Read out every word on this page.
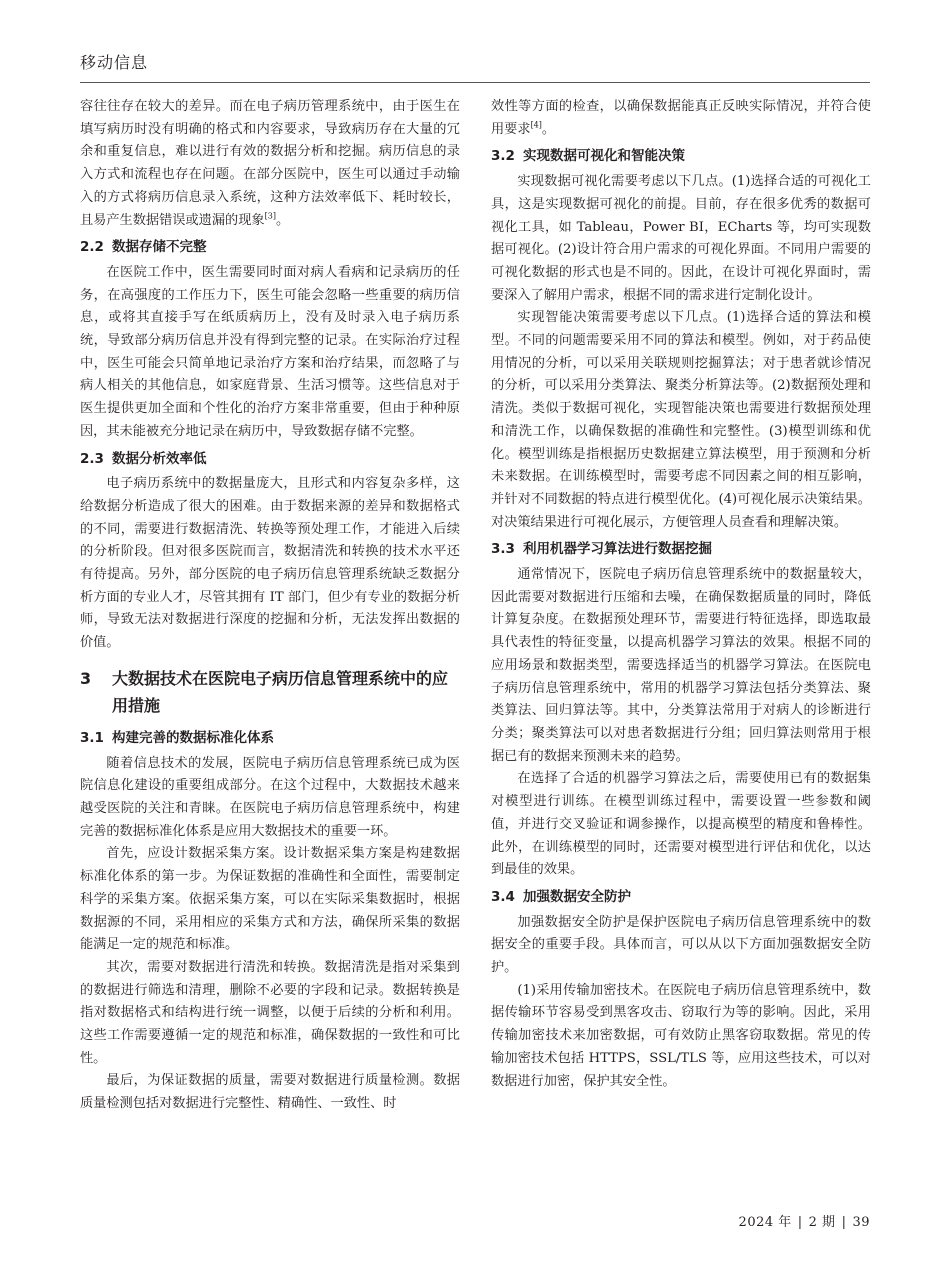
移动信息

容往往存在较大的差异。而在电子病历管理系统中，由于医生在填写病历时没有明确的格式和内容要求，导致病历存在大量的冗余和重复信息，难以进行有效的数据分析和挖掘。病历信息的录入方式和流程也存在问题。在部分医院中，医生可以通过手动输入的方式将病历信息录入系统，这种方法效率低下、耗时较长，且易产生数据错误或遗漏的现象[3]。

2.2 数据存储不完整

在医院工作中，医生需要同时面对病人看病和记录病历的任务，在高强度的工作压力下，医生可能会忽略一些重要的病历信息，或将其直接手写在纸质病历上，没有及时录入电子病历系统，导致部分病历信息并没有得到完整的记录。在实际治疗过程中，医生可能会只简单地记录治疗方案和治疗结果，而忽略了与病人相关的其他信息，如家庭背景、生活习惯等。这些信息对于医生提供更加全面和个性化的治疗方案非常重要，但由于种种原因，其未能被充分地记录在病历中，导致数据存储不完整。

2.3 数据分析效率低

电子病历系统中的数据量庞大，且形式和内容复杂多样，这给数据分析造成了很大的困难。由于数据来源的差异和数据格式的不同，需要进行数据清洗、转换等预处理工作，才能进入后续的分析阶段。但对很多医院而言，数据清洗和转换的技术水平还有待提高。另外，部分医院的电子病历信息管理系统缺乏数据分析方面的专业人才，尽管其拥有 IT 部门，但少有专业的数据分析师，导致无法对数据进行深度的挖掘和分析，无法发挥出数据的价值。

3	大数据技术在医院电子病历信息管理系统中的应用措施
3.1 构建完善的数据标准化体系

随着信息技术的发展，医院电子病历信息管理系统已成为医院信息化建设的重要组成部分。在这个过程中，大数据技术越来越受医院的关注和青睐。在医院电子病历信息管理系统中，构建完善的数据标准化体系是应用大数据技术的重要一环。

首先，应设计数据采集方案。设计数据采集方案是构建数据标准化体系的第一步。为保证数据的准确性和全面性，需要制定科学的采集方案。依据采集方案，可以在实际采集数据时，根据数据源的不同，采用相应的采集方式和方法，确保所采集的数据能满足一定的规范和标准。

其次，需要对数据进行清洗和转换。数据清洗是指对采集到的数据进行筛选和清理，删除不必要的字段和记录。数据转换是指对数据格式和结构进行统一调整，以便于后续的分析和利用。这些工作需要遵循一定的规范和标准，确保数据的一致性和可比性。

最后，为保证数据的质量，需要对数据进行质量检测。数据质量检测包括对数据进行完整性、精确性、一致性、时

效性等方面的检查，以确保数据能真正反映实际情况，并符合使用要求[4]。

3.2 实现数据可视化和智能决策

实现数据可视化需要考虑以下几点。(1)选择合适的可视化工具，这是实现数据可视化的前提。目前，存在很多优秀的数据可视化工具，如 Tableau，Power BI，ECharts 等，均可实现数据可视化。(2)设计符合用户需求的可视化界面。不同用户需要的可视化数据的形式也是不同的。因此，在设计可视化界面时，需要深入了解用户需求，根据不同的需求进行定制化设计。

实现智能决策需要考虑以下几点。(1)选择合适的算法和模型。不同的问题需要采用不同的算法和模型。例如，对于药品使用情况的分析，可以采用关联规则挖掘算法；对于患者就诊情况的分析，可以采用分类算法、聚类分析算法等。(2)数据预处理和清洗。类似于数据可视化，实现智能决策也需要进行数据预处理和清洗工作，以确保数据的准确性和完整性。(3)模型训练和优化。模型训练是指根据历史数据建立算法模型，用于预测和分析未来数据。在训练模型时，需要考虑不同因素之间的相互影响，并针对不同数据的特点进行模型优化。(4)可视化展示决策结果。对决策结果进行可视化展示，方便管理人员查看和理解决策。

3.3 利用机器学习算法进行数据挖掘

通常情况下，医院电子病历信息管理系统中的数据量较大，因此需要对数据进行压缩和去噪，在确保数据质量的同时，降低计算复杂度。在数据预处理环节，需要进行特征选择，即选取最具代表性的特征变量，以提高机器学习算法的效果。根据不同的应用场景和数据类型，需要选择适当的机器学习算法。在医院电子病历信息管理系统中，常用的机器学习算法包括分类算法、聚类算法、回归算法等。其中，分类算法常用于对病人的诊断进行分类；聚类算法可以对患者数据进行分组；回归算法则常用于根据已有的数据来预测未来的趋势。

在选择了合适的机器学习算法之后，需要使用已有的数据集对模型进行训练。在模型训练过程中，需要设置一些参数和阈值，并进行交叉验证和调参操作，以提高模型的精度和鲁棒性。此外，在训练模型的同时，还需要对模型进行评估和优化，以达到最佳的效果。

3.4 加强数据安全防护

加强数据安全防护是保护医院电子病历信息管理系统中的数据安全的重要手段。具体而言，可以从以下方面加强数据安全防护。

(1)采用传输加密技术。在医院电子病历信息管理系统中，数据传输环节容易受到黑客攻击、窃取行为等的影响。因此，采用传输加密技术来加密数据，可有效防止黑客窃取数据。常见的传输加密技术包括 HTTPS，SSL/TLS 等，应用这些技术，可以对数据进行加密，保护其安全性。

2024 年 | 2 期 | 39
